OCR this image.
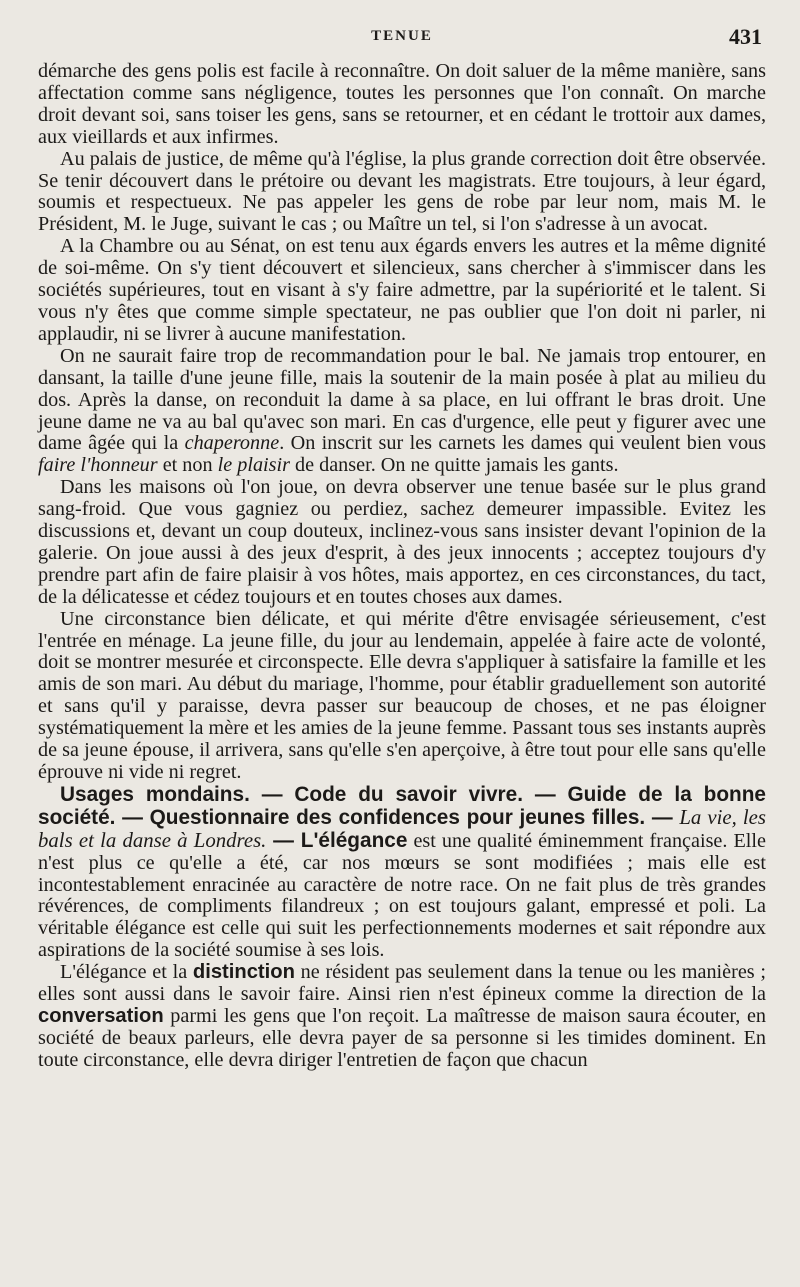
TENUE	431

démarche des gens polis est facile à reconnaître. On doit saluer de la même manière, sans affectation comme sans négligence, toutes les personnes que l'on connaît. On marche droit devant soi, sans toiser les gens, sans se retourner, et en cédant le trottoir aux dames, aux vieillards et aux infirmes.

Au palais de justice, de même qu'à l'église, la plus grande correction doit être observée. Se tenir découvert dans le prétoire ou devant les magistrats. Etre toujours, à leur égard, soumis et respectueux. Ne pas appeler les gens de robe par leur nom, mais M. le Président, M. le Juge, suivant le cas ; ou Maître un tel, si l'on s'adresse à un avocat.

A la Chambre ou au Sénat, on est tenu aux égards envers les autres et la même dignité de soi-même. On s'y tient découvert et silencieux, sans chercher à s'immiscer dans les sociétés supérieures, tout en visant à s'y faire admettre, par la supériorité et le talent. Si vous n'y êtes que comme simple spectateur, ne pas oublier que l'on doit ni parler, ni applaudir, ni se livrer à aucune manifestation.

On ne saurait faire trop de recommandation pour le bal. Ne jamais trop entourer, en dansant, la taille d'une jeune fille, mais la soutenir de la main posée à plat au milieu du dos. Après la danse, on reconduit la dame à sa place, en lui offrant le bras droit. Une jeune dame ne va au bal qu'avec son mari. En cas d'urgence, elle peut y figurer avec une dame âgée qui la chaperonne. On inscrit sur les carnets les dames qui veulent bien vous faire l'honneur et non le plaisir de danser. On ne quitte jamais les gants.

Dans les maisons où l'on joue, on devra observer une tenue basée sur le plus grand sang-froid. Que vous gagniez ou perdiez, sachez demeurer impassible. Evitez les discussions et, devant un coup douteux, inclinez-vous sans insister devant l'opinion de la galerie. On joue aussi à des jeux d'esprit, à des jeux innocents ; acceptez toujours d'y prendre part afin de faire plaisir à vos hôtes, mais apportez, en ces circonstances, du tact, de la délicatesse et cédez toujours et en toutes choses aux dames.

Une circonstance bien délicate, et qui mérite d'être envisagée sérieusement, c'est l'entrée en ménage. La jeune fille, du jour au lendemain, appelée à faire acte de volonté, doit se montrer mesurée et circonspecte. Elle devra s'appliquer à satisfaire la famille et les amis de son mari. Au début du mariage, l'homme, pour établir graduellement son autorité et sans qu'il y paraisse, devra passer sur beaucoup de choses, et ne pas éloigner systématiquement la mère et les amies de la jeune femme. Passant tous ses instants auprès de sa jeune épouse, il arrivera, sans qu'elle s'en aperçoive, à être tout pour elle sans qu'elle éprouve ni vide ni regret.

Usages mondains. — Code du savoir vivre. — Guide de la bonne société. — Questionnaire des confidences pour jeunes filles. — La vie, les bals et la danse à Londres. — L'élégance est une qualité éminemment française. Elle n'est plus ce qu'elle a été, car nos mœurs se sont modifiées ; mais elle est incontestablement enracinée au caractère de notre race. On ne fait plus de très grandes révérences, de compliments filandreux ; on est toujours galant, empressé et poli. La véritable élégance est celle qui suit les perfectionnements modernes et sait répondre aux aspirations de la société soumise à ses lois.

L'élégance et la distinction ne résident pas seulement dans la tenue ou les manières ; elles sont aussi dans le savoir faire. Ainsi rien n'est épineux comme la direction de la conversation parmi les gens que l'on reçoit. La maîtresse de maison saura écouter, en société de beaux parleurs, elle devra payer de sa personne si les timides dominent. En toute circonstance, elle devra diriger l'entretien de façon que chacun
